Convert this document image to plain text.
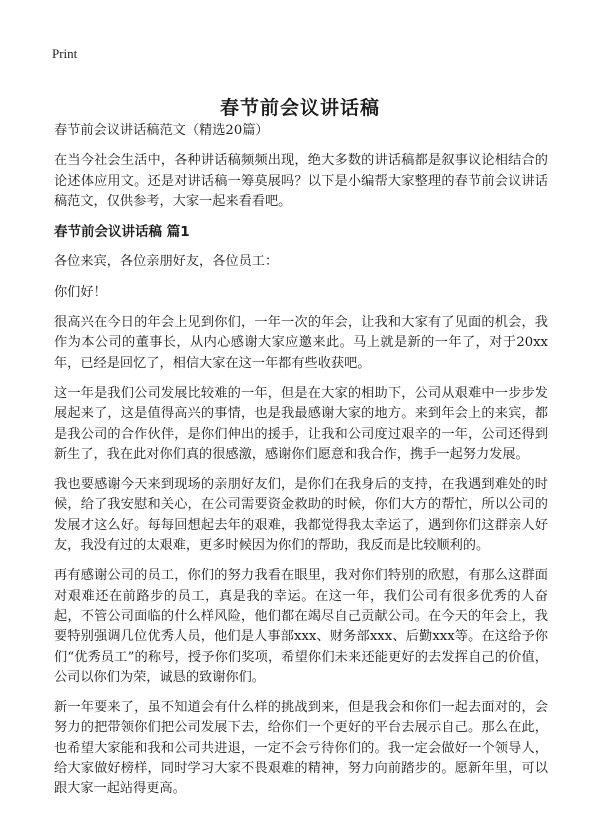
Print
春节前会议讲话稿

春节前会议讲话稿范文（精选20篇）

在当今社会生活中，各种讲话稿频频出现，绝大多数的讲话稿都是叙事议论相结合的论述体应用文。还是对讲话稿一筹莫展吗？以下是小编帮大家整理的春节前会议讲话稿范文，仅供参考，大家一起来看看吧。

春节前会议讲话稿 篇1

各位来宾，各位亲朋好友，各位员工：

你们好！

很高兴在今日的年会上见到你们，一年一次的年会，让我和大家有了见面的机会，我作为本公司的董事长，从内心感谢大家应邀来此。马上就是新的一年了，对于20xx年，已经是回忆了，相信大家在这一年都有些收获吧。

这一年是我们公司发展比较难的一年，但是在大家的相助下，公司从艰难中一步步发展起来了，这是值得高兴的事情，也是我最感谢大家的地方。来到年会上的来宾，都是我公司的合作伙伴，是你们伸出的援手，让我和公司度过艰辛的一年，公司还得到新生了，我在此对你们真的很感激，感谢你们愿意和我合作，携手一起努力发展。

我也要感谢今天来到现场的亲朋好友们，是你们在我身后的支持，在我遇到难处的时候，给了我安慰和关心，在公司需要资金救助的时候，你们大方的帮忙，所以公司的发展才这么好。每每回想起去年的艰难，我都觉得我太幸运了，遇到你们这群亲人好友，我没有过的太艰难，更多时候因为你们的帮助，我反而是比较顺利的。

再有感谢公司的员工，你们的努力我看在眼里，我对你们特别的欣慰，有那么这群面对艰难还在前路步的员工，真是我的幸运。在这一年，我们公司有很多优秀的人奋起，不管公司面临的什么样风险，他们都在竭尽自己贡献公司。在今天的年会上，我要特别强调几位优秀人员，他们是人事部xxx、财务部xxx、后勤xxx等。在这给予你们“优秀员工”的称号，授予你们奖项，希望你们未来还能更好的去发挥自己的价值，公司以你们为荣，诚恳的致谢你们。

新一年要来了，虽不知道会有什么样的挑战到来，但是我会和你们一起去面对的，会努力的把带领你们把公司发展下去，给你们一个更好的平台去展示自己。那么在此，也希望大家能和我和公司共进退，一定不会亏待你们的。我一定会做好一个领导人，给大家做好榜样，同时学习大家不畏艰难的精神，努力向前踏步的。愿新年里，可以跟大家一起站得更高。
